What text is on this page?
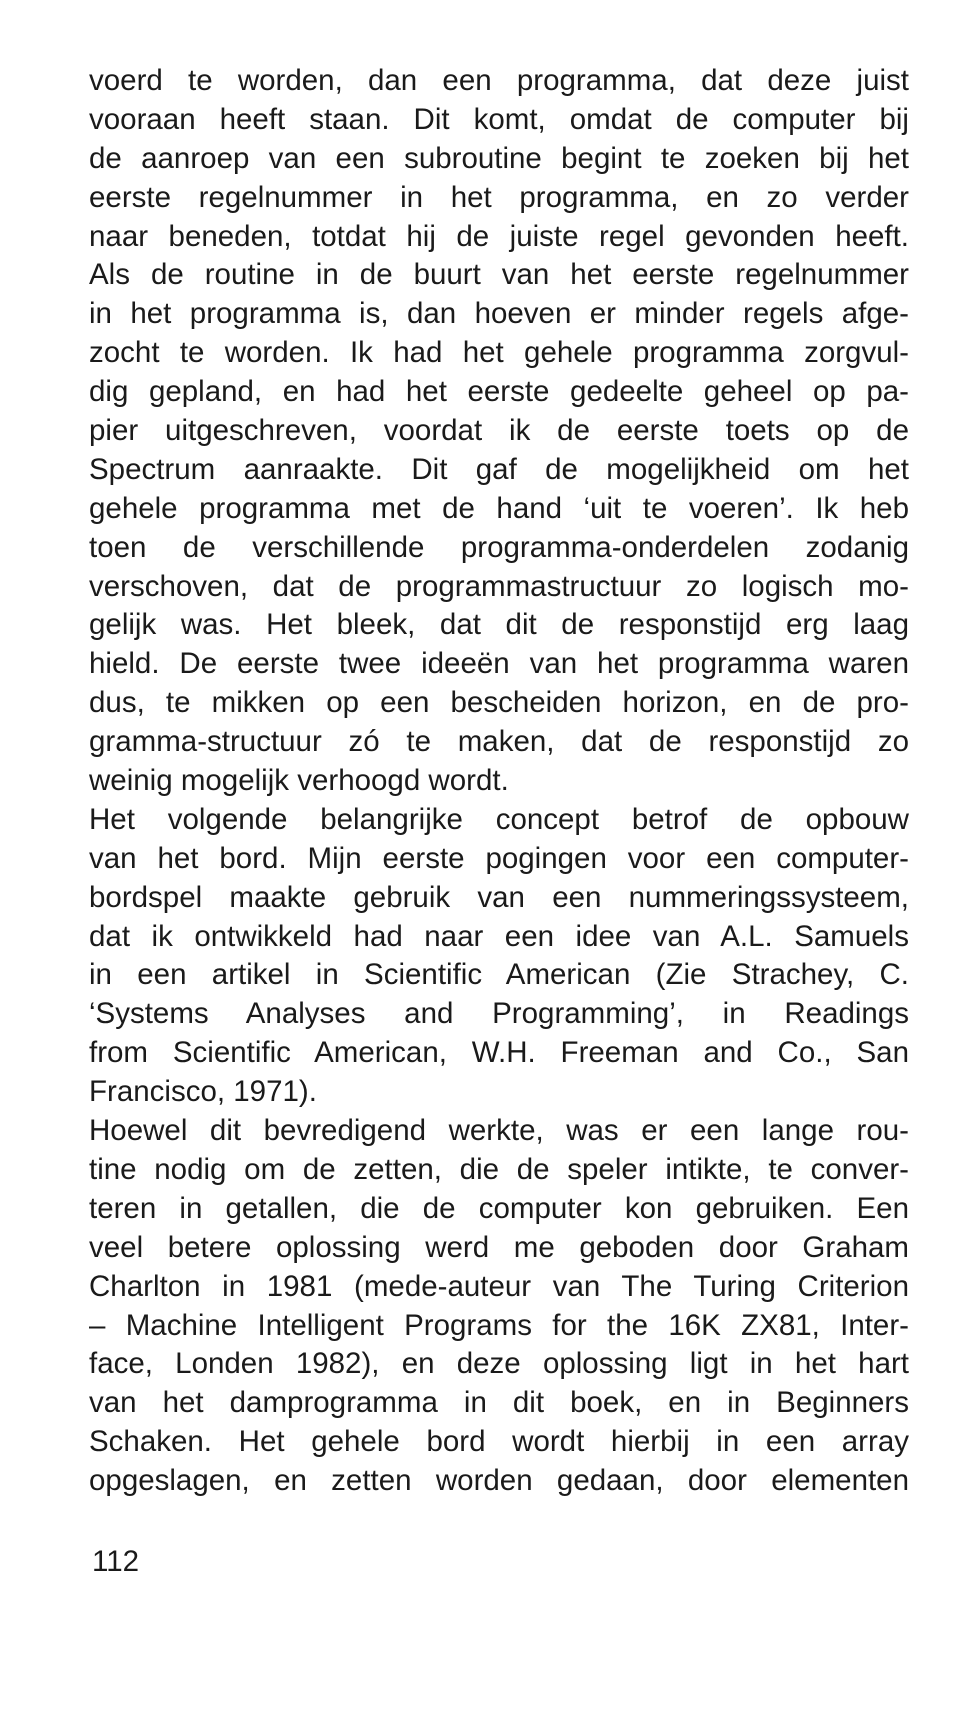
voerd te worden, dan een programma, dat deze juist
vooraan heeft staan. Dit komt, omdat de computer bij
de aanroep van een subroutine begint te zoeken bij het
eerste regelnummer in het programma, en zo verder
naar beneden, totdat hij de juiste regel gevonden heeft.
Als de routine in de buurt van het eerste regelnummer
in het programma is, dan hoeven er minder regels afge-
zocht te worden. Ik had het gehele programma zorgvul-
dig gepland, en had het eerste gedeelte geheel op pa-
pier uitgeschreven, voordat ik de eerste toets op de
Spectrum aanraakte. Dit gaf de mogelijkheid om het
gehele programma met de hand ‘uit te voeren’. Ik heb
toen de verschillende programma-onderdelen zodanig
verschoven, dat de programmastructuur zo logisch mo-
gelijk was. Het bleek, dat dit de responstijd erg laag
hield. De eerste twee ideeën van het programma waren
dus, te mikken op een bescheiden horizon, en de pro-
gramma-structuur zó te maken, dat de responstijd zo
weinig mogelijk verhoogd wordt.
Het volgende belangrijke concept betrof de opbouw
van het bord. Mijn eerste pogingen voor een computer-
bordspel maakte gebruik van een nummeringssysteem,
dat ik ontwikkeld had naar een idee van A.L. Samuels
in een artikel in Scientific American (Zie Strachey, C.
‘Systems Analyses and Programming’, in Readings
from Scientific American, W.H. Freeman and Co., San
Francisco, 1971).
Hoewel dit bevredigend werkte, was er een lange rou-
tine nodig om de zetten, die de speler intikte, te conver-
teren in getallen, die de computer kon gebruiken. Een
veel betere oplossing werd me geboden door Graham
Charlton in 1981 (mede-auteur van The Turing Criterion
– Machine Intelligent Programs for the 16K ZX81, Inter-
face, Londen 1982), en deze oplossing ligt in het hart
van het damprogramma in dit boek, en in Beginners
Schaken. Het gehele bord wordt hierbij in een array
opgeslagen, en zetten worden gedaan, door elementen
112
